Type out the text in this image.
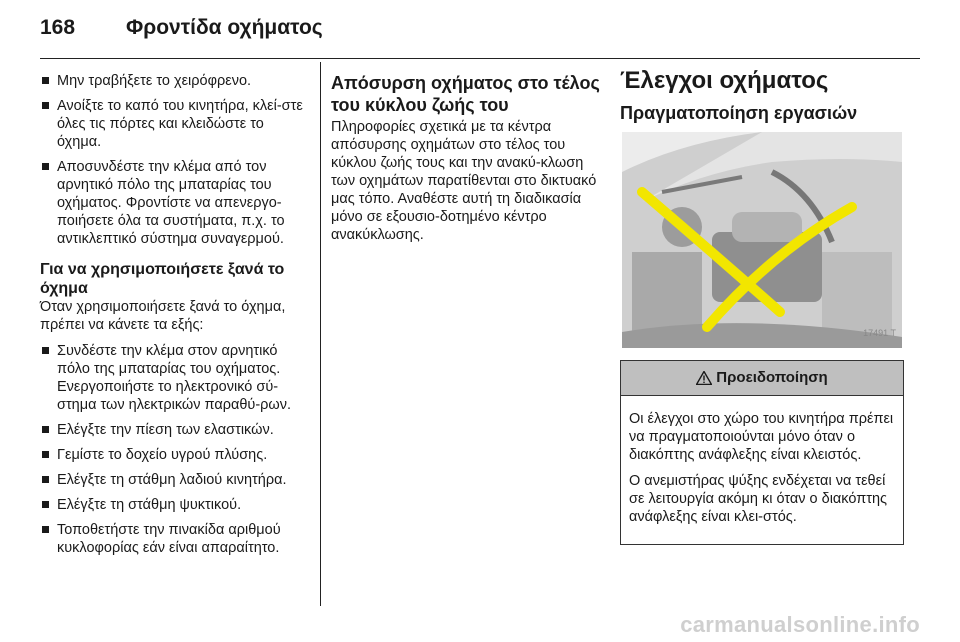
168	Φροντίδα οχήματος
Μην τραβήξετε το χειρόφρενο.
Ανοίξτε το καπό του κινητήρα, κλεί-στε όλες τις πόρτες και κλειδώστε το όχημα.
Αποσυνδέστε την κλέμα από τον αρνητικό πόλο της μπαταρίας του οχήματος. Φροντίστε να απενεργο-ποιήσετε όλα τα συστήματα, π.χ. το αντικλεπτικό σύστημα συναγερμού.
Για να χρησιμοποιήσετε ξανά το όχημα

Όταν χρησιμοποιήσετε ξανά το όχημα, πρέπει να κάνετε τα εξής:

Συνδέστε την κλέμα στον αρνητικό πόλο της μπαταρίας του οχήματος. Ενεργοποιήστε το ηλεκτρονικό σύ-στημα των ηλεκτρικών παραθύ-ρων.
Ελέγξτε την πίεση των ελαστικών.
Γεμίστε το δοχείο υγρού πλύσης.
Ελέγξτε τη στάθμη λαδιού κινητήρα.
Ελέγξτε τη στάθμη ψυκτικού.
Τοποθετήστε την πινακίδα αριθμού κυκλοφορίας εάν είναι απαραίτητο.
Απόσυρση οχήματος στο τέλος του κύκλου ζωής του

Πληροφορίες σχετικά με τα κέντρα απόσυρσης οχημάτων στο τέλος του κύκλου ζωής τους και την ανακύ-κλωση των οχημάτων παρατίθενται στο δικτυακό μας τόπο. Αναθέστε αυτή τη διαδικασία μόνο σε εξουσιο-δοτημένο κέντρο ανακύκλωσης.

Έλεγχοι οχήματος
Πραγματοποίηση εργασιών
17491 T
Προειδοποίηση

Οι έλεγχοι στο χώρο του κινητήρα πρέπει να πραγματοποιούνται μόνο όταν ο διακόπτης ανάφλεξης είναι κλειστός.

Ο ανεμιστήρας ψύξης ενδέχεται να τεθεί σε λειτουργία ακόμη κι όταν ο διακόπτης ανάφλεξης είναι κλει-στός.

carmanualsonline.info
